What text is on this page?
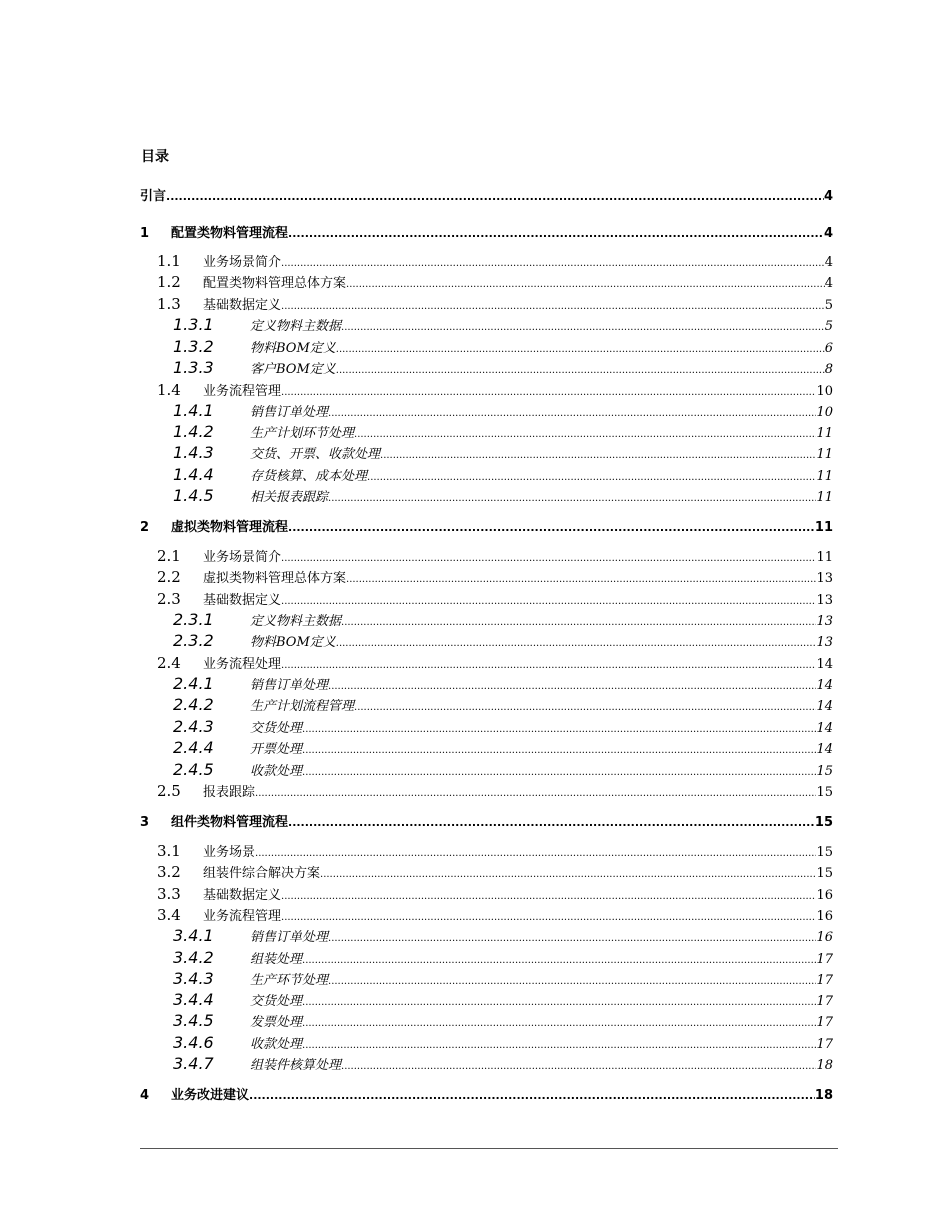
目录
引言 .....	4
1	配置类物料管理流程 .....	4
1.1	业务场景简介 .....	4
1.2	配置类物料管理总体方案 .....	4
1.3	基础数据定义 .....	5
1.3.1	定义物料主数据 .....	5
1.3.2	物料BOM定义 .....	6
1.3.3	客户BOM定义 .....	8
1.4	业务流程管理 .....	10
1.4.1	销售订单处理 .....	10
1.4.2	生产计划环节处理 .....	11
1.4.3	交货、开票、收款处理 .....	11
1.4.4	存货核算、成本处理 .....	11
1.4.5	相关报表跟踪 .....	11
2	虚拟类物料管理流程 .....	11
2.1	业务场景简介 .....	11
2.2	虚拟类物料管理总体方案 .....	13
2.3	基础数据定义 .....	13
2.3.1	定义物料主数据 .....	13
2.3.2	物料BOM定义 .....	13
2.4	业务流程处理 .....	14
2.4.1	销售订单处理 .....	14
2.4.2	生产计划流程管理 .....	14
2.4.3	交货处理 .....	14
2.4.4	开票处理 .....	14
2.4.5	收款处理 .....	15
2.5	报表跟踪 .....	15
3	组件类物料管理流程 .....	15
3.1	业务场景 .....	15
3.2	组装件综合解决方案 .....	15
3.3	基础数据定义 .....	16
3.4	业务流程管理 .....	16
3.4.1	销售订单处理 .....	16
3.4.2	组装处理 .....	17
3.4.3	生产环节处理 .....	17
3.4.4	交货处理 .....	17
3.4.5	发票处理 .....	17
3.4.6	收款处理 .....	17
3.4.7	组装件核算处理 .....	18
4	业务改进建议 .....	18
